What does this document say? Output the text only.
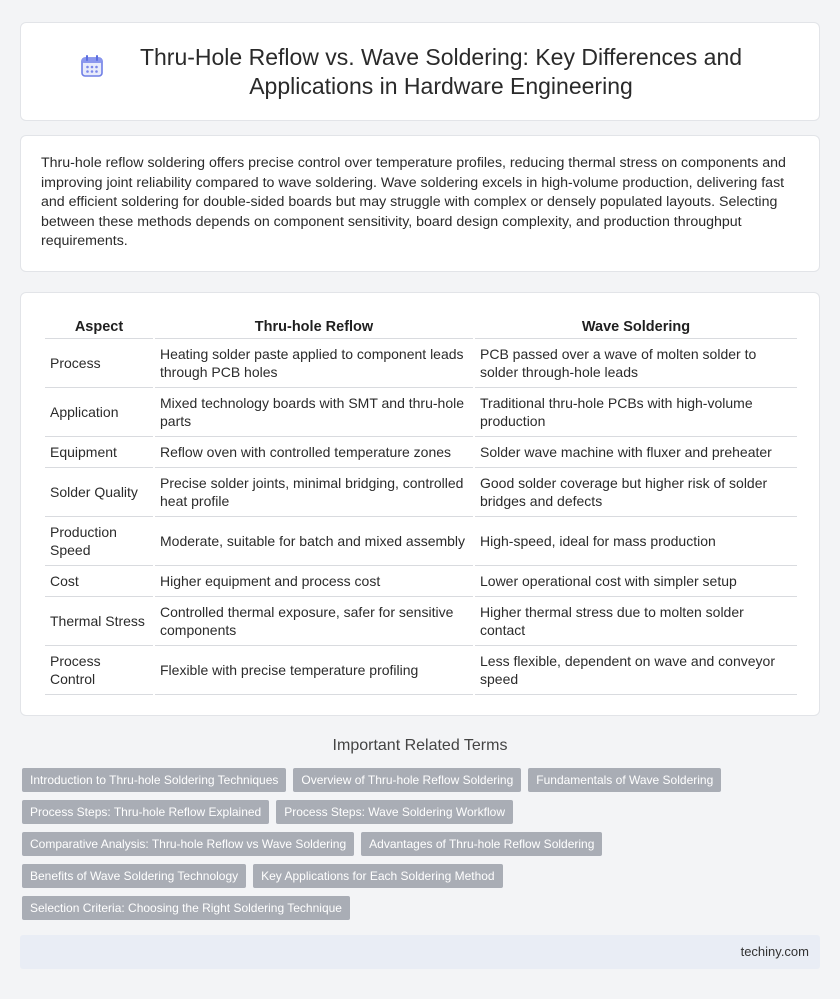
Thru-Hole Reflow vs. Wave Soldering: Key Differences and Applications in Hardware Engineering

Thru-hole reflow soldering offers precise control over temperature profiles, reducing thermal stress on components and improving joint reliability compared to wave soldering. Wave soldering excels in high-volume production, delivering fast and efficient soldering for double-sided boards but may struggle with complex or densely populated layouts. Selecting between these methods depends on component sensitivity, board design complexity, and production throughput requirements.

Aspect	Thru-hole Reflow	Wave Soldering
Process	Heating solder paste applied to component leads through PCB holes	PCB passed over a wave of molten solder to solder through-hole leads
Application	Mixed technology boards with SMT and thru-hole parts	Traditional thru-hole PCBs with high-volume production
Equipment	Reflow oven with controlled temperature zones	Solder wave machine with fluxer and preheater
Solder Quality	Precise solder joints, minimal bridging, controlled heat profile	Good solder coverage but higher risk of solder bridges and defects
Production Speed	Moderate, suitable for batch and mixed assembly	High-speed, ideal for mass production
Cost	Higher equipment and process cost	Lower operational cost with simpler setup
Thermal Stress	Controlled thermal exposure, safer for sensitive components	Higher thermal stress due to molten solder contact
Process Control	Flexible with precise temperature profiling	Less flexible, dependent on wave and conveyor speed
Important Related Terms
Introduction to Thru-hole Soldering Techniques	Overview of Thru-hole Reflow Soldering	Fundamentals of Wave Soldering
Process Steps: Thru-hole Reflow Explained	Process Steps: Wave Soldering Workflow
Comparative Analysis: Thru-hole Reflow vs Wave Soldering	Advantages of Thru-hole Reflow Soldering
Benefits of Wave Soldering Technology	Key Applications for Each Soldering Method
Selection Criteria: Choosing the Right Soldering Technique
techiny.com
